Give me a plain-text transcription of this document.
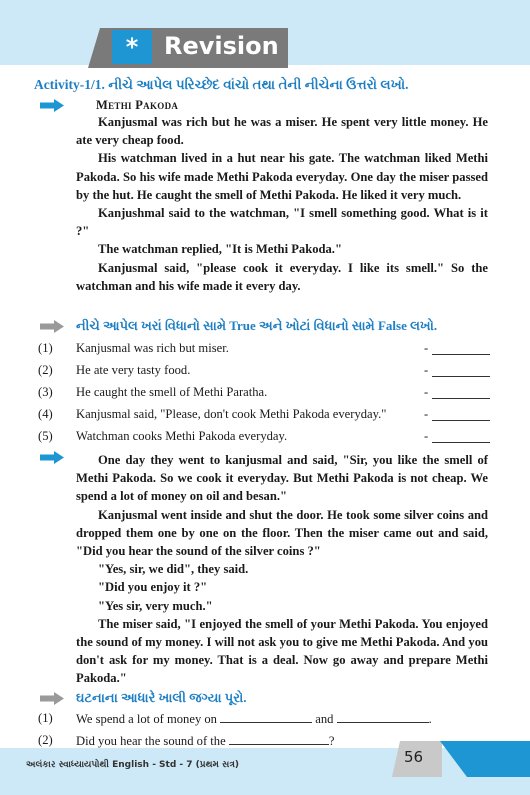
*	Revision
Activity-1/1. નીચે આપેલ પરિચ્છેદ વાંચો તથા તેની નીચેના ઉત્તરો લખો.
Methi Pakoda

Kanjusmal was rich but he was a miser. He spent very little money. He ate very cheap food.

His watchman lived in a hut near his gate. The watchman liked Methi Pakoda. So his wife made Methi Pakoda everyday. One day the miser passed by the hut. He caught the smell of Methi Pakoda. He liked it very much.

Kanjushmal said to the watchman, "I smell something good. What is it ?"

The watchman replied, "It is Methi Pakoda."

Kanjusmal said, "please cook it everyday. I like its smell." So the watchman and his wife made it every day.

નીચે આપેલ ખરાં વિધાનો સામે True અને ખોટાં વિધાનો સામે False લખો.
(1) Kanjusmal was rich but miser.
(2) He ate very tasty food.
(3) He caught the smell of Methi Paratha.
(4) Kanjusmal said, "Please, don't cook Methi Pakoda everyday."
(5) Watchman cooks Methi Pakoda everyday.

One day they went to kanjusmal and said, "Sir, you like the smell of Methi Pakoda. So we cook it everyday. But Methi Pakoda is not cheap. We spend a lot of money on oil and besan."

Kanjusmal went inside and shut the door. He took some silver coins and dropped them one by one on the floor. Then the miser came out and said, "Did you hear the sound of the silver coins ?"

"Yes, sir, we did", they said.

"Did you enjoy it ?"

"Yes sir, very much."

The miser said, "I enjoyed the smell of your Methi Pakoda. You enjoyed the sound of my money. I will not ask you to give me Methi Pakoda. And you don't ask for my money. That is a deal. Now go away and prepare Methi Pakoda."

ઘટનાના આધારે ખાલી જગ્યા પૂરો.
(1) We spend a lot of money on	and	.
(2) Did you hear the sound of the	?
અલંકાર સ્વાધ્યાયપોથી English - Std - 7 (પ્રથમ સત્ર)	56
